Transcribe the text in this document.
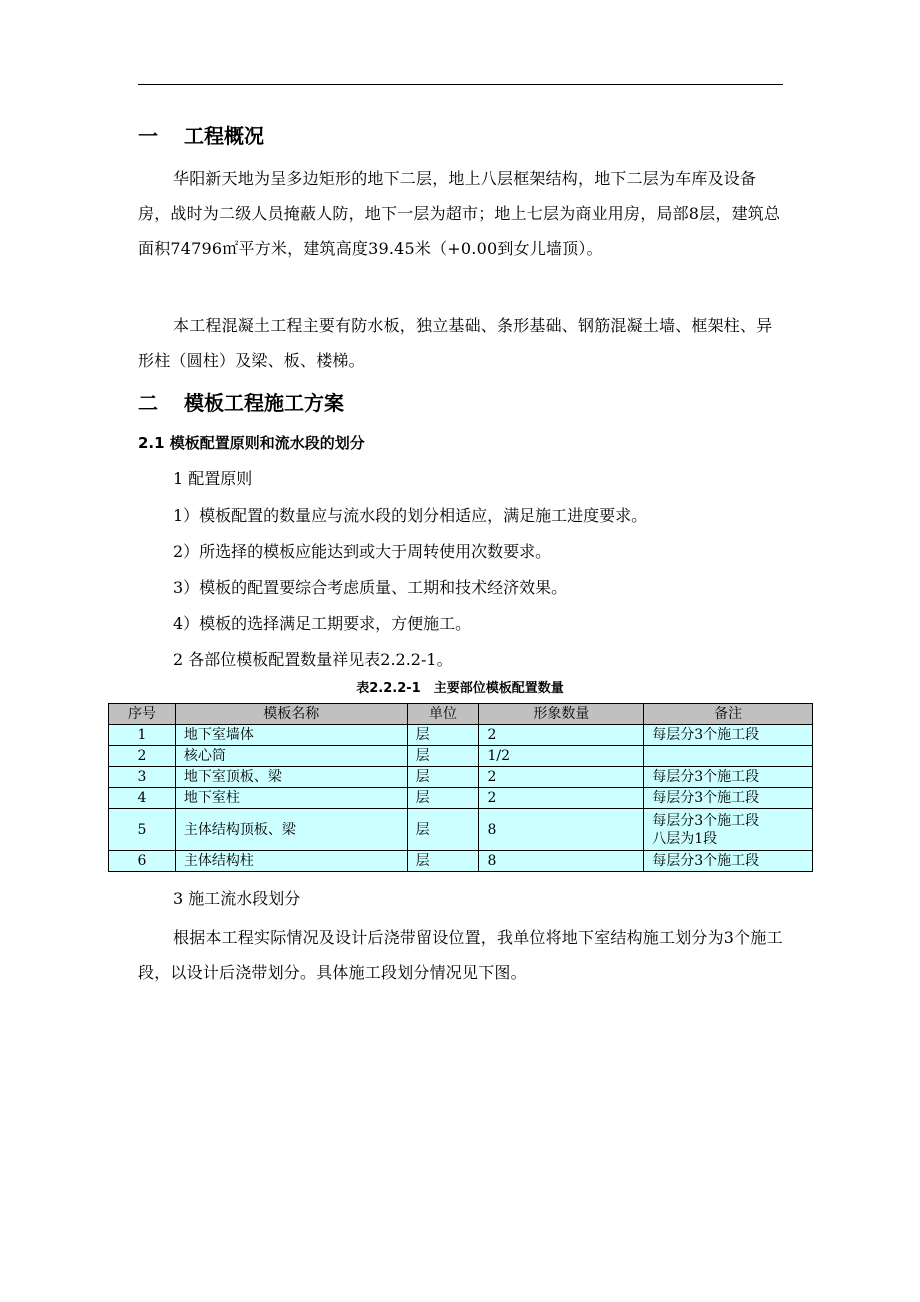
一 工程概况

华阳新天地为呈多边矩形的地下二层，地上八层框架结构，地下二层为车库及设备房，战时为二级人员掩蔽人防，地下一层为超市；地上七层为商业用房，局部8层，建筑总面积74796㎡平方米，建筑高度39.45米（+0.00到女儿墙顶）。

本工程混凝土工程主要有防水板，独立基础、条形基础、钢筋混凝土墙、框架柱、异形柱（圆柱）及梁、板、楼梯。

二 模板工程施工方案
2.1 模板配置原则和流水段的划分

1 配置原则

1）模板配置的数量应与流水段的划分相适应，满足施工进度要求。

2）所选择的模板应能达到或大于周转使用次数要求。

3）模板的配置要综合考虑质量、工期和技术经济效果。

4）模板的选择满足工期要求，方便施工。

2 各部位模板配置数量祥见表2.2.2-1。

表2.2.2-1　主要部位模板配置数量
序号	模板名称	单位	形象数量	备注
1	地下室墙体	层	2	每层分3个施工段
2	核心筒	层	1/2	
3	地下室顶板、梁	层	2	每层分3个施工段
4	地下室柱	层	2	每层分3个施工段
5	主体结构顶板、梁	层	8	每层分3个施工段
八层为1段
6	主体结构柱	层	8	每层分3个施工段

3 施工流水段划分

根据本工程实际情况及设计后浇带留设位置，我单位将地下室结构施工划分为3个施工段，以设计后浇带划分。具体施工段划分情况见下图。
